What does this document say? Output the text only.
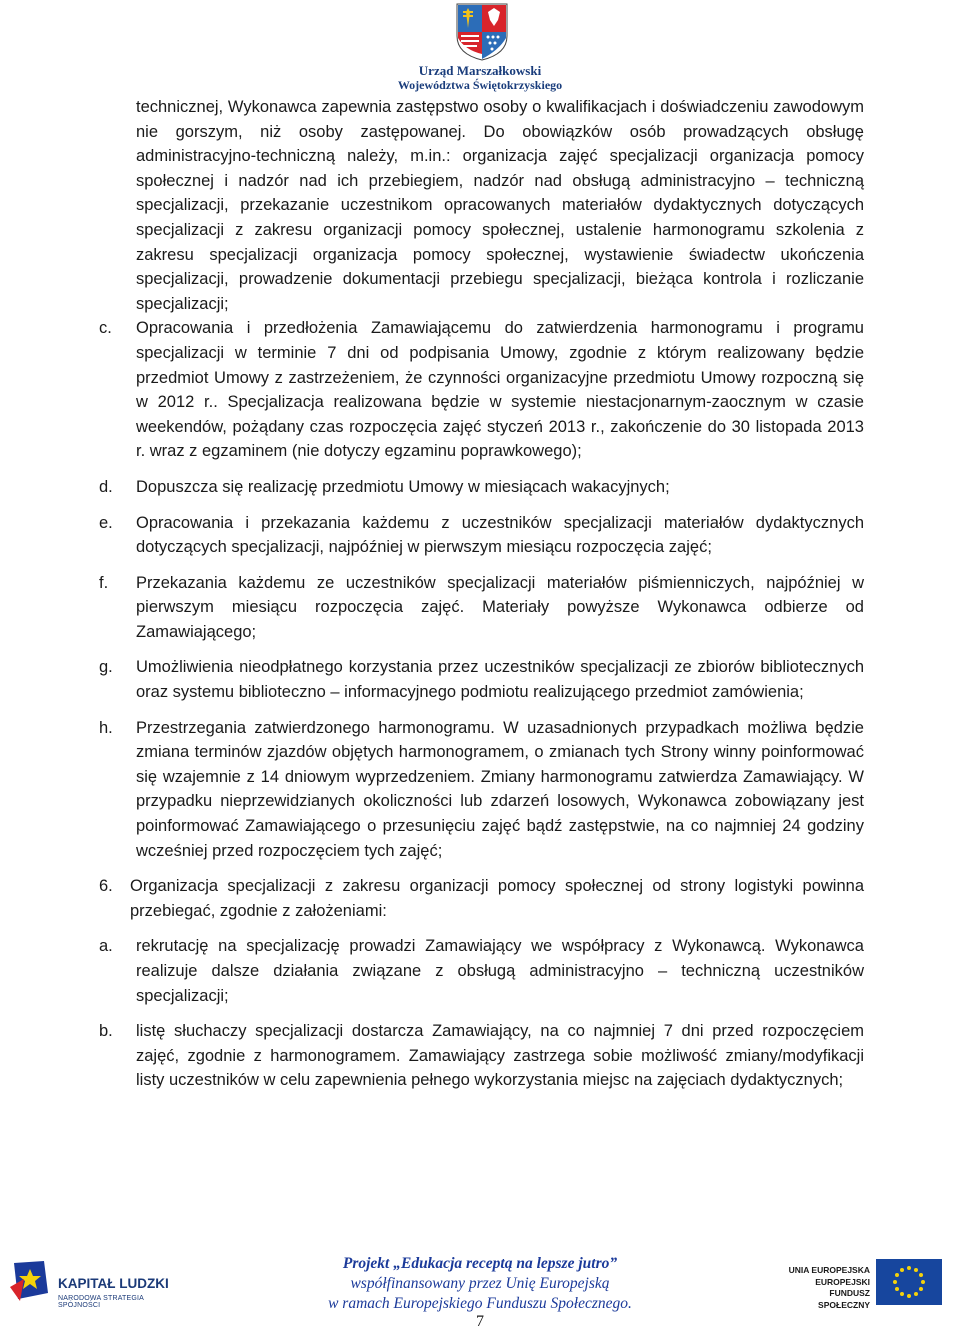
Urząd Marszałkowski
Województwa Świętokrzyskiego

technicznej, Wykonawca zapewnia zastępstwo osoby o kwalifikacjach i doświadczeniu zawodowym nie gorszym, niż osoby zastępowanej. Do obowiązków osób prowadzących obsługę administracyjno-techniczną należy, m.in.: organizacja zajęć specjalizacji organizacja pomocy społecznej i nadzór nad ich przebiegiem, nadzór nad obsługą administracyjno – techniczną specjalizacji, przekazanie uczestnikom opracowanych materiałów dydaktycznych dotyczących specjalizacji z zakresu organizacji pomocy społecznej, ustalenie harmonogramu szkolenia z zakresu specjalizacji organizacja pomocy społecznej, wystawienie świadectw ukończenia specjalizacji, prowadzenie dokumentacji przebiegu specjalizacji, bieżąca kontrola i rozliczanie specjalizacji;

c.	Opracowania i przedłożenia Zamawiającemu do zatwierdzenia harmonogramu i programu specjalizacji w terminie 7 dni od podpisania Umowy, zgodnie z którym realizowany będzie przedmiot Umowy z zastrzeżeniem, że czynności organizacyjne przedmiotu Umowy rozpoczną się w 2012 r.. Specjalizacja realizowana będzie w systemie niestacjonarnym-zaocznym w czasie weekendów, pożądany czas rozpoczęcia zajęć styczeń 2013 r., zakończenie do 30 listopada 2013 r. wraz z egzaminem (nie dotyczy egzaminu poprawkowego);
d.	Dopuszcza się realizację przedmiotu Umowy w miesiącach wakacyjnych;
e.	Opracowania i przekazania każdemu z uczestników specjalizacji materiałów dydaktycznych dotyczących specjalizacji, najpóźniej w pierwszym miesiącu rozpoczęcia zajęć;
f.	Przekazania każdemu ze uczestników specjalizacji materiałów piśmienniczych, najpóźniej w pierwszym miesiącu rozpoczęcia zajęć. Materiały powyższe Wykonawca odbierze od Zamawiającego;
g.	Umożliwienia nieodpłatnego korzystania przez uczestników specjalizacji ze zbiorów bibliotecznych oraz systemu biblioteczno – informacyjnego podmiotu realizującego przedmiot zamówienia;
h.	Przestrzegania zatwierdzonego harmonogramu. W uzasadnionych przypadkach możliwa będzie zmiana terminów zjazdów objętych harmonogramem, o zmianach tych Strony winny poinformować się wzajemnie z 14 dniowym wyprzedzeniem. Zmiany harmonogramu zatwierdza Zamawiający. W przypadku nieprzewidzianych okoliczności lub zdarzeń losowych, Wykonawca zobowiązany jest poinformować Zamawiającego o przesunięciu zajęć bądź zastępstwie, na co najmniej 24 godziny wcześniej przed rozpoczęciem tych zajęć;
6.	Organizacja specjalizacji z zakresu organizacji pomocy społecznej od strony logistyki powinna przebiegać, zgodnie z założeniami:
a.	rekrutację na specjalizację prowadzi Zamawiający we współpracy z Wykonawcą. Wykonawca realizuje dalsze działania związane z obsługą administracyjno – techniczną uczestników specjalizacji;
b.	listę słuchaczy specjalizacji dostarcza Zamawiający, na co najmniej 7 dni przed rozpoczęciem zajęć, zgodnie z harmonogramem. Zamawiający zastrzega sobie możliwość zmiany/modyfikacji listy uczestników w celu zapewnienia pełnego wykorzystania miejsc na zajęciach dydaktycznych;
KAPITAŁ LUDZKI
NARODOWA STRATEGIA SPÓJNOŚCI
Projekt „Edukacja receptą na lepsze jutro”
współfinansowany przez Unię Europejską
w ramach Europejskiego Funduszu Społecznego.
UNIA EUROPEJSKA
EUROPEJSKI
FUNDUSZ SPOŁECZNY
7
